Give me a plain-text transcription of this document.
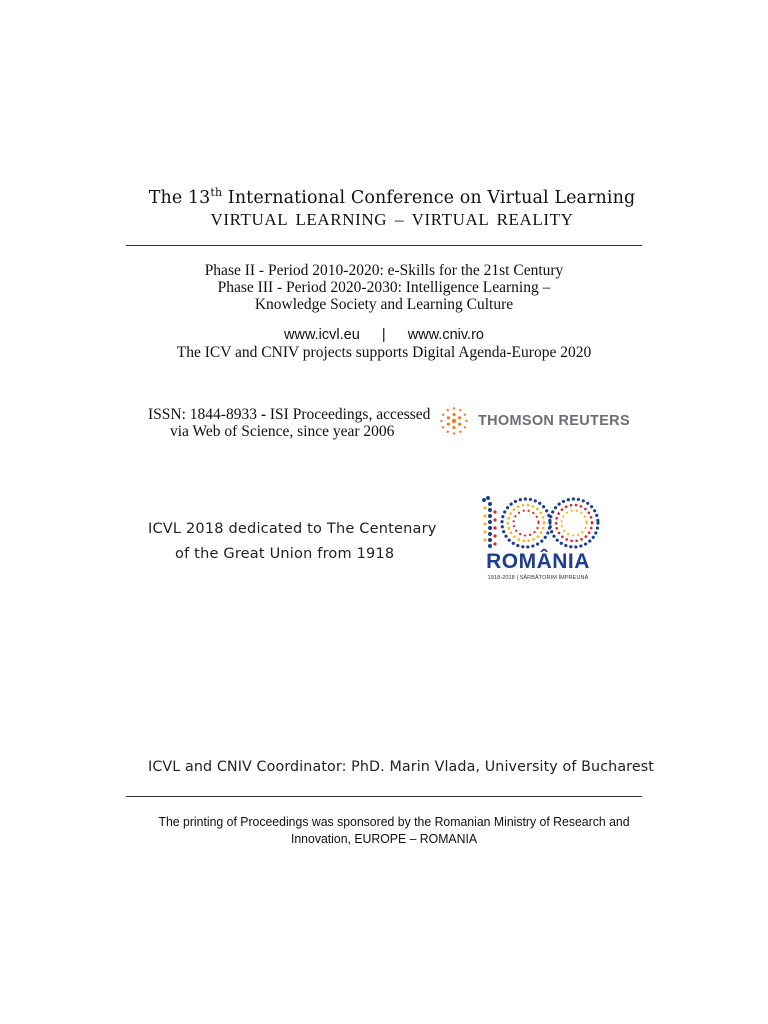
The 13th International Conference on Virtual Learning
VIRTUAL LEARNING – VIRTUAL REALITY
Phase II - Period 2010-2020: e-Skills for the 21st Century
Phase III - Period 2020-2030: Intelligence Learning –
Knowledge Society and Learning Culture
www.icvl.eu | www.cniv.ro
The ICV and CNIV projects supports Digital Agenda-Europe 2020
ISSN: 1844-8933 - ISI Proceedings, accessed
via Web of Science, since year 2006
THOMSON REUTERS
ICVL 2018 dedicated to The Centenary
of the Great Union from 1918	ROMÂNIA
1918-2018 | SĂRBĂTORIM ÎMPREUNĂ
ICVL and CNIV Coordinator: PhD. Marin Vlada, University of Bucharest
The printing of Proceedings was sponsored by the Romanian Ministry of Research and
Innovation, EUROPE – ROMANIA
